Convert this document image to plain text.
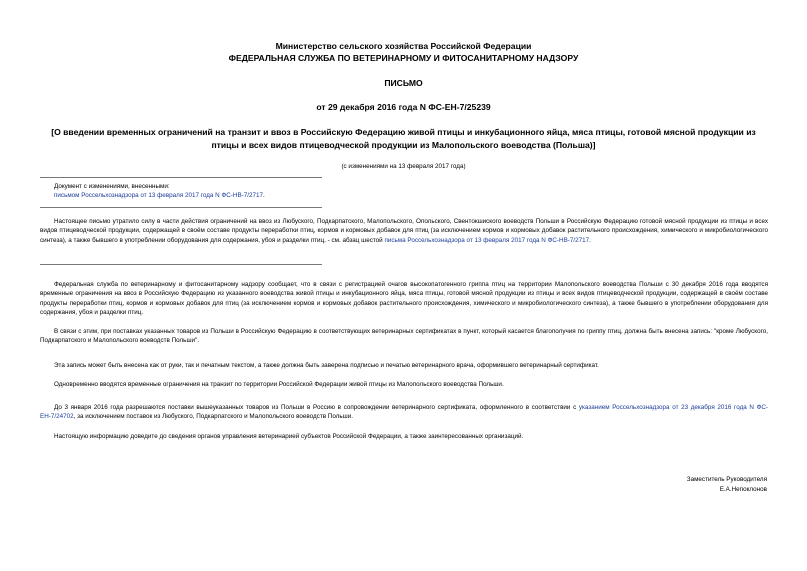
Министерство сельского хозяйства Российской Федерации
ФЕДЕРАЛЬНАЯ СЛУЖБА ПО ВЕТЕРИНАРНОМУ И ФИТОСАНИТАРНОМУ НАДЗОРУ
ПИСЬМО
от 29 декабря 2016 года N ФС-ЕН-7/25239
[О введении временных ограничений на транзит и ввоз в Российскую Федерацию живой птицы и инкубационного яйца, мяса птицы, готовой мясной продукции из птицы и всех видов птицеводческой продукции из Малопольского воеводства (Польша)]
(с изменениями на 13 февраля 2017 года)
Документ с изменениями, внесенными:
письмом Россельхознадзора от 13 февраля 2017 года N ФС-НВ-7/2717.
Настоящее письмо утратило силу в части действия ограничений на ввоз из Любуского, Подкарпатского, Малопольского, Опольского, Свентокшиского воеводств Польши в Российскую Федерацию готовой мясной продукции из птицы и всех видов птицеводческой продукции, содержащей в своём составе продукты переработки птиц, кормов и кормовых добавок для птиц (за исключением кормов и кормовых добавок растительного происхождения, химического и микробиологического синтеза), а также бывшего в употреблении оборудования для содержания, убоя и разделки птиц, - см. абзац шестой письма Россельхознадзора от 13 февраля 2017 года N ФС-НВ-7/2717.
Федеральная служба по ветеринарному и фитосанитарному надзору сообщает, что в связи с регистрацией очагов высокопатогенного гриппа птиц на территории Малопольского воеводства Польши с 30 декабря 2016 года вводятся временные ограничения на ввоз в Российскую Федерацию из указанного воеводства живой птицы и инкубационного яйца, мяса птицы, готовой мясной продукции из птицы и всех видов птицеводческой продукции, содержащей в своём составе продукты переработки птиц, кормов и кормовых добавок для птиц (за исключением кормов и кормовых добавок растительного происхождения, химического и микробиологического синтеза), а также бывшего в употреблении оборудования для содержания, убоя и разделки птиц.
В связи с этим, при поставках указанных товаров из Польши в Российскую Федерацию в соответствующих ветеринарных сертификатах в пункт, который касается благополучия по гриппу птиц, должна быть внесена запись: "кроме Любуского, Подкарпатского и Малопольского воеводств Польши".
Эта запись может быть внесена как от руки, так и печатным текстом, а также должна быть заверена подписью и печатью ветеринарного врача, оформившего ветеринарный сертификат.
Одновременно вводятся временные ограничения на транзит по территории Российской Федерации живой птицы из Малопольского воеводства Польши.
До 3 января 2016 года разрешаются поставки вышеуказанных товаров из Польши в Россию в сопровождении ветеринарного сертификата, оформленного в соответствии с указанием Россельхознадзора от 23 декабря 2016 года N ФС-ЕН-7/24702, за исключением поставок из Любуского, Подкарпатского и Малопольского воеводств Польши.
Настоящую информацию доведите до сведения органов управления ветеринарией субъектов Российской Федерации, а также заинтересованных организаций.
Заместитель Руководителя
Е.А.Непоклонов
